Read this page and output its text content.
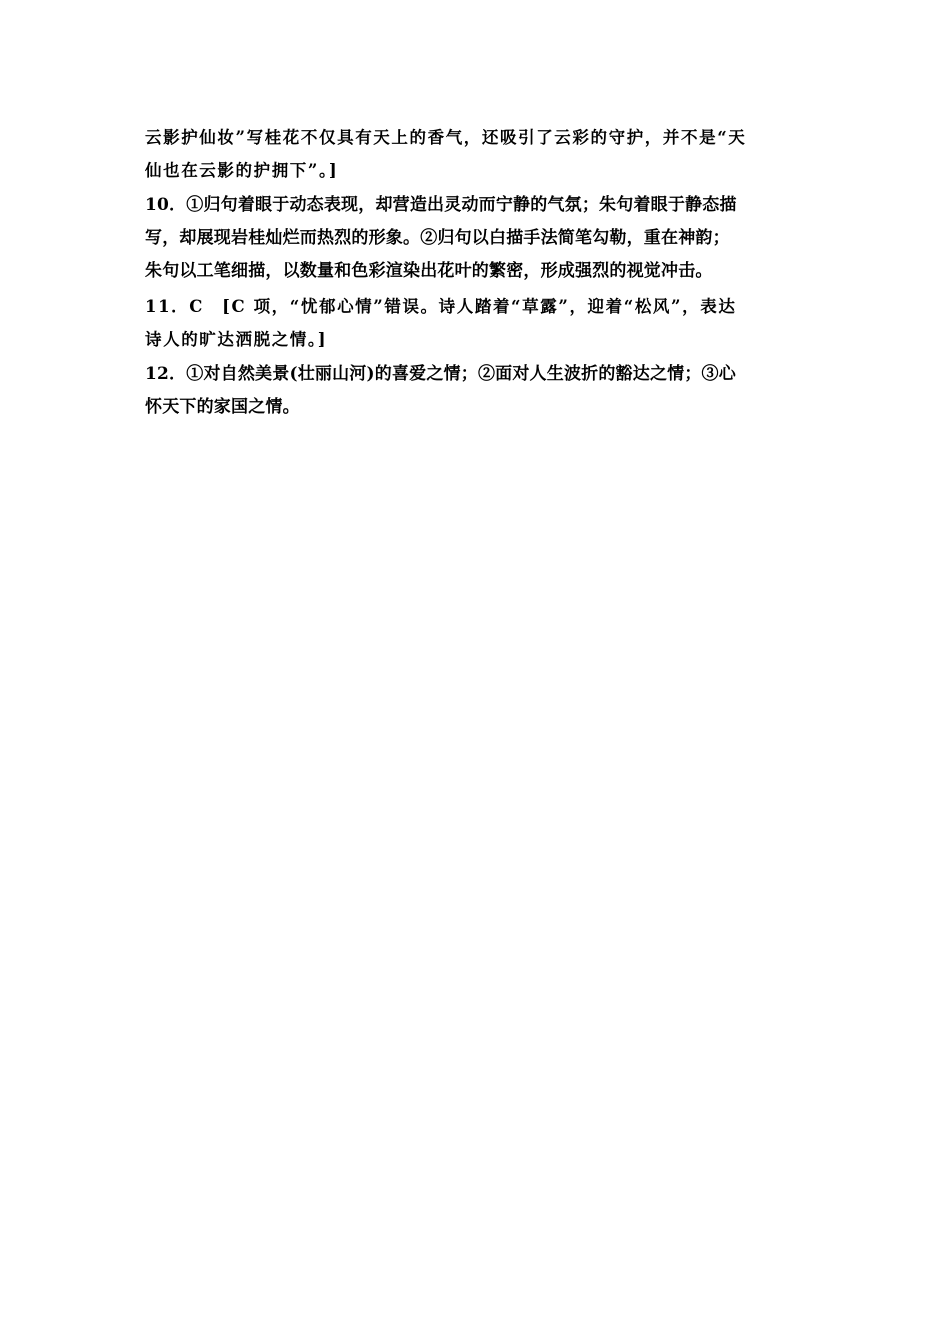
云影护仙妆”写桂花不仅具有天上的香气，还吸引了云彩的守护，并不是“天
仙也在云影的护拥下”。]

10．①归句着眼于动态表现，却营造出灵动而宁静的气氛；朱句着眼于静态描
写，却展现岩桂灿烂而热烈的形象。②归句以白描手法简笔勾勒，重在神韵；
朱句以工笔细描，以数量和色彩渲染出花叶的繁密，形成强烈的视觉冲击。

11．C　[C 项，“忧郁心情”错误。诗人踏着“草露”，迎着“松风”，表达
诗人的旷达洒脱之情。]

12．①对自然美景(壮丽山河)的喜爱之情；②面对人生波折的豁达之情；③心
怀天下的家国之情。
